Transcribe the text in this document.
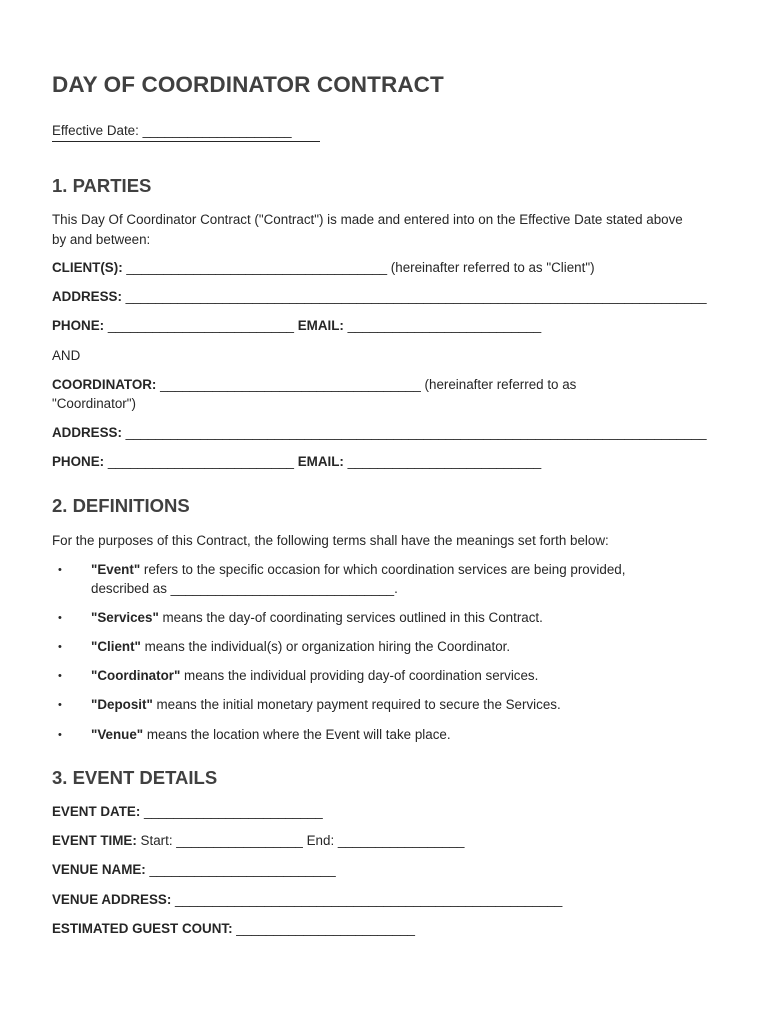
DAY OF COORDINATOR CONTRACT
Effective Date: ____________________
1. PARTIES
This Day Of Coordinator Contract ("Contract") is made and entered into on the Effective Date stated above by and between:
CLIENT(S): ___________________________________ (hereinafter referred to as "Client")
ADDRESS: ______________________________________________________________________________
PHONE: _________________________ EMAIL: __________________________
AND
COORDINATOR: ___________________________________ (hereinafter referred to as
"Coordinator")
ADDRESS: ______________________________________________________________________________
PHONE: _________________________ EMAIL: __________________________
2. DEFINITIONS
For the purposes of this Contract, the following terms shall have the meanings set forth below:
• "Event" refers to the specific occasion for which coordination services are being provided,
described as ______________________________.
• "Services" means the day-of coordinating services outlined in this Contract.
• "Client" means the individual(s) or organization hiring the Coordinator.
• "Coordinator" means the individual providing day-of coordination services.
• "Deposit" means the initial monetary payment required to secure the Services.
• "Venue" means the location where the Event will take place.
3. EVENT DETAILS
EVENT DATE: ________________________
EVENT TIME: Start: _________________ End: _________________
VENUE NAME: _________________________
VENUE ADDRESS: ____________________________________________________
ESTIMATED GUEST COUNT: ________________________
